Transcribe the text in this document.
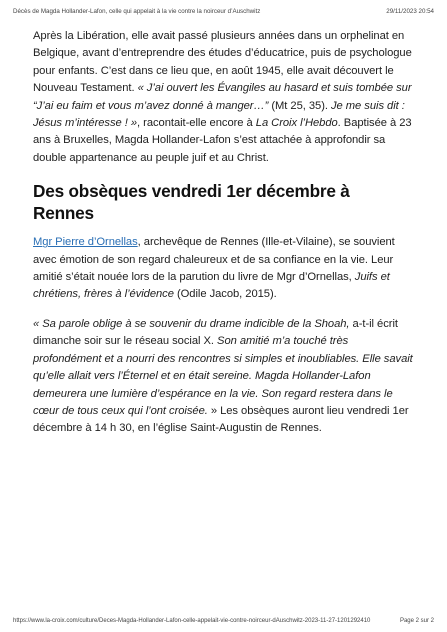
Décès de Magda Hollander-Lafon, celle qui appelait à la vie contre la noirceur d’Auschwitz	29/11/2023 20:54

Après la Libération, elle avait passé plusieurs années dans un orphelinat en Belgique, avant d’entreprendre des études d’éducatrice, puis de psychologue pour enfants. C’est dans ce lieu que, en août 1945, elle avait découvert le Nouveau Testament. « J’ai ouvert les Évangiles au hasard et suis tombée sur “J’ai eu faim et vous m’avez donné à manger…” (Mt 25, 35). Je me suis dit : Jésus m’intéresse ! », racontait-elle encore à La Croix l’Hebdo. Baptisée à 23 ans à Bruxelles, Magda Hollander-Lafon s’est attachée à approfondir sa double appartenance au peuple juif et au Christ.

Des obsèques vendredi 1er décembre à Rennes

Mgr Pierre d’Ornellas, archevêque de Rennes (Ille-et-Vilaine), se souvient avec émotion de son regard chaleureux et de sa confiance en la vie. Leur amitié s’était nouée lors de la parution du livre de Mgr d’Ornellas, Juifs et chrétiens, frères à l’évidence (Odile Jacob, 2015).

« Sa parole oblige à se souvenir du drame indicible de la Shoah, a-t-il écrit dimanche soir sur le réseau social X. Son amitié m’a touché très profondément et a nourri des rencontres si simples et inoubliables. Elle savait qu’elle allait vers l’Éternel et en était sereine. Magda Hollander-Lafon demeurera une lumière d’espérance en la vie. Son regard restera dans le cœur de tous ceux qui l’ont croisée. » Les obsèques auront lieu vendredi 1er décembre à 14 h 30, en l’église Saint-Augustin de Rennes.

https://www.la-croix.com/culture/Deces-Magda-Hollander-Lafon-celle-appelait-vie-contre-noirceur-dAuschwitz-2023-11-27-1201292410	Page 2 sur 2
